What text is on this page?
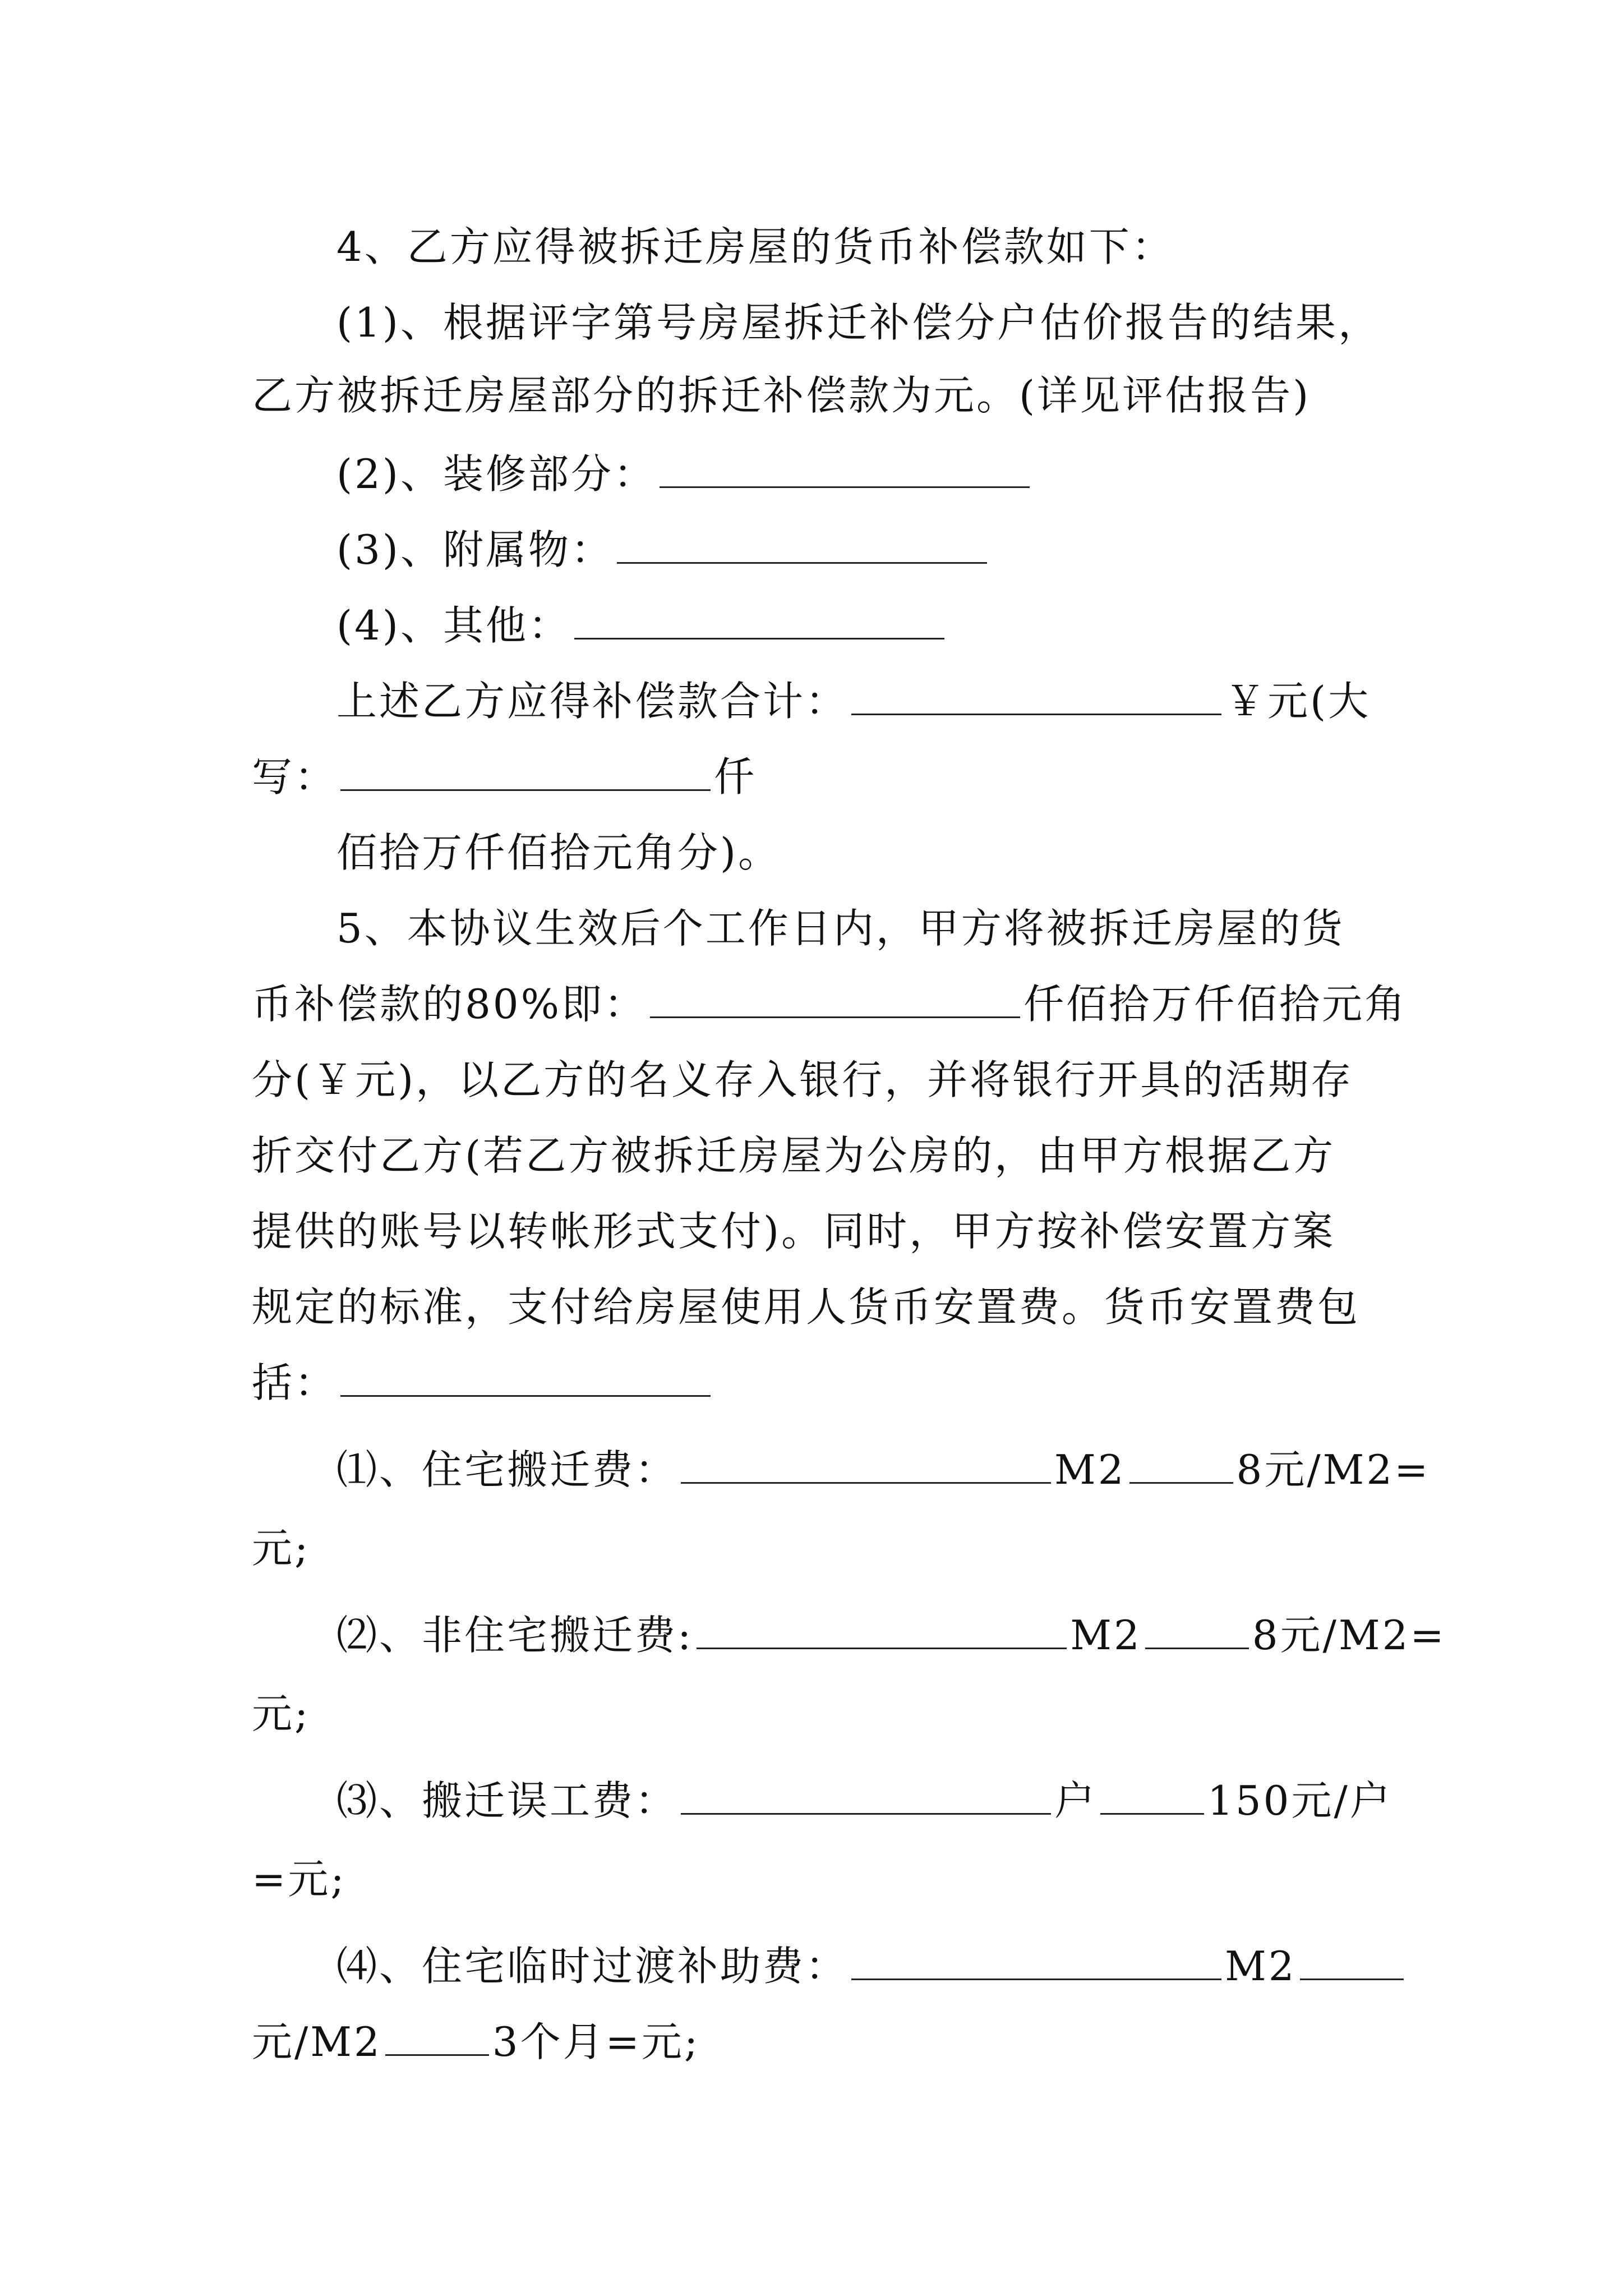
4、乙方应得被拆迁房屋的货币补偿款如下：
(1)、根据评字第号房屋拆迁补偿分户估价报告的结果，
乙方被拆迁房屋部分的拆迁补偿款为元。(详见评估报告)
(2)、装修部分：
(3)、附属物：
(4)、其他：
上述乙方应得补偿款合计：	￥元(大
写：	仟
佰拾万仟佰拾元角分)。
5、本协议生效后个工作日内，甲方将被拆迁房屋的货
币补偿款的80%即：	仟佰拾万仟佰拾元角
分(￥元)，以乙方的名义存入银行，并将银行开具的活期存
折交付乙方(若乙方被拆迁房屋为公房的，由甲方根据乙方
提供的账号以转帐形式支付)。同时，甲方按补偿安置方案
规定的标准，支付给房屋使用人货币安置费。货币安置费包
括：
⑴、住宅搬迁费：	M2	8元/M2=
元;
⑵、非住宅搬迁费:	M2	8元/M2=
元;
⑶、搬迁误工费：	户	150元/户
=元;
⑷、住宅临时过渡补助费：	M2
元/M2	3个月=元;
